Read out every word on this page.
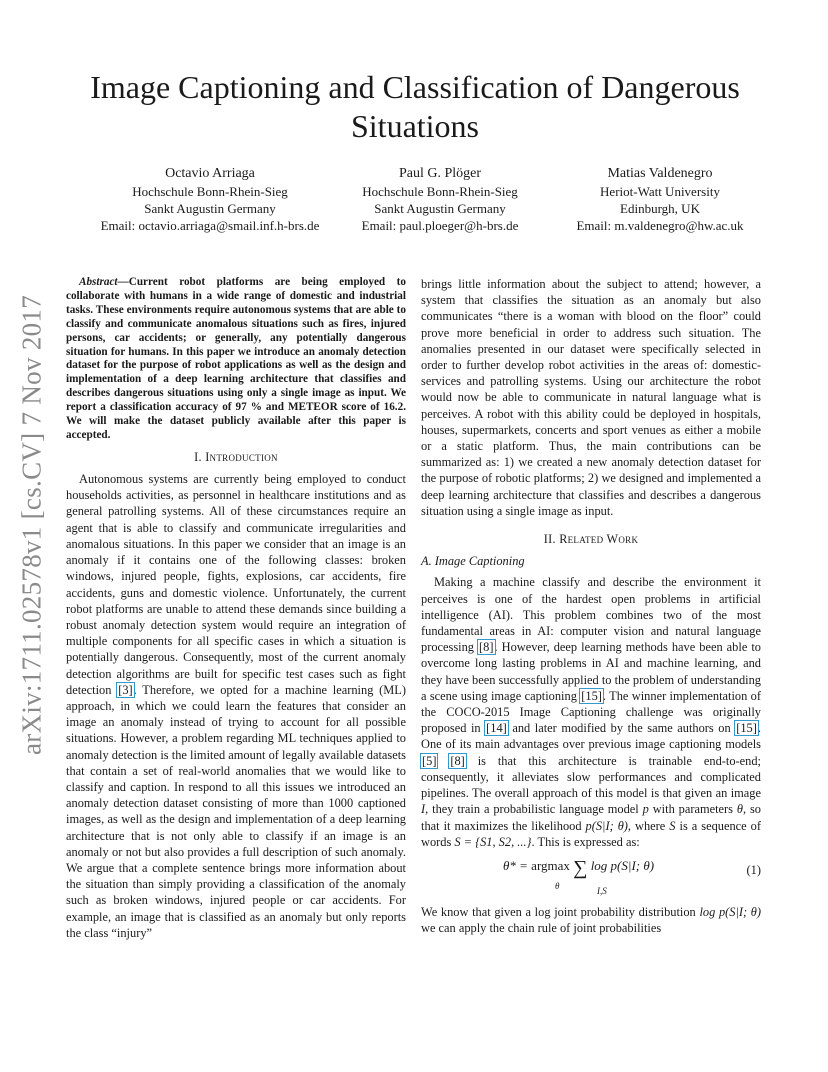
arXiv:1711.02578v1 [cs.CV] 7 Nov 2017
Image Captioning and Classification of Dangerous Situations
Octavio Arriaga
Hochschule Bonn-Rhein-Sieg
Sankt Augustin Germany
Email: octavio.arriaga@smail.inf.h-brs.de
Paul G. Plöger
Hochschule Bonn-Rhein-Sieg
Sankt Augustin Germany
Email: paul.ploeger@h-brs.de
Matias Valdenegro
Heriot-Watt University
Edinburgh, UK
Email: m.valdenegro@hw.ac.uk

Abstract—Current robot platforms are being employed to collaborate with humans in a wide range of domestic and industrial tasks. These environments require autonomous systems that are able to classify and communicate anomalous situations such as fires, injured persons, car accidents; or generally, any potentially dangerous situation for humans. In this paper we introduce an anomaly detection dataset for the purpose of robot applications as well as the design and implementation of a deep learning architecture that classifies and describes dangerous situations using only a single image as input. We report a classification accuracy of 97 % and METEOR score of 16.2. We will make the dataset publicly available after this paper is accepted.

I. Introduction

Autonomous systems are currently being employed to conduct households activities, as personnel in healthcare institutions and as general patrolling systems. All of these circumstances require an agent that is able to classify and communicate irregularities and anomalous situations. In this paper we consider that an image is an anomaly if it contains one of the following classes: broken windows, injured people, fights, explosions, car accidents, fire accidents, guns and domestic violence. Unfortunately, the current robot platforms are unable to attend these demands since building a robust anomaly detection system would require an integration of multiple components for all specific cases in which a situation is potentially dangerous. Consequently, most of the current anomaly detection algorithms are built for specific test cases such as fight detection [3]. Therefore, we opted for a machine learning (ML) approach, in which we could learn the features that consider an image an anomaly instead of trying to account for all possible situations. However, a problem regarding ML techniques applied to anomaly detection is the limited amount of legally available datasets that contain a set of real-world anomalies that we would like to classify and caption. In respond to all this issues we introduced an anomaly detection dataset consisting of more than 1000 captioned images, as well as the design and implementation of a deep learning architecture that is not only able to classify if an image is an anomaly or not but also provides a full description of such anomaly. We argue that a complete sentence brings more information about the situation than simply providing a classification of the anomaly such as broken windows, injured people or car accidents. For example, an image that is classified as an anomaly but only reports the class “injury”

brings little information about the subject to attend; however, a system that classifies the situation as an anomaly but also communicates “there is a woman with blood on the floor” could prove more beneficial in order to address such situation. The anomalies presented in our dataset were specifically selected in order to further develop robot activities in the areas of: domestic-services and patrolling systems. Using our architecture the robot would now be able to communicate in natural language what is perceives. A robot with this ability could be deployed in hospitals, houses, supermarkets, concerts and sport venues as either a mobile or a static platform. Thus, the main contributions can be summarized as: 1) we created a new anomaly detection dataset for the purpose of robotic platforms; 2) we designed and implemented a deep learning architecture that classifies and describes a dangerous situation using a single image as input.

II. Related Work

A. Image Captioning

Making a machine classify and describe the environment it perceives is one of the hardest open problems in artificial intelligence (AI). This problem combines two of the most fundamental areas in AI: computer vision and natural language processing [8]. However, deep learning methods have been able to overcome long lasting problems in AI and machine learning, and they have been successfully applied to the problem of understanding a scene using image captioning [15]. The winner implementation of the COCO-2015 Image Captioning challenge was originally proposed in [14] and later modified by the same authors on [15]. One of its main advantages over previous image captioning models [5] [8] is that this architecture is trainable end-to-end; consequently, it alleviates slow performances and complicated pipelines. The overall approach of this model is that given an image I, they train a probabilistic language model p with parameters θ, so that it maximizes the likelihood p(S|I; θ), where S is a sequence of words S = {S1, S2, ...}. This is expressed as:

θ* = argmax ∑ log p(S|I; θ)
θ	I,S
(1)

We know that given a log joint probability distribution log p(S|I; θ) we can apply the chain rule of joint probabilities
